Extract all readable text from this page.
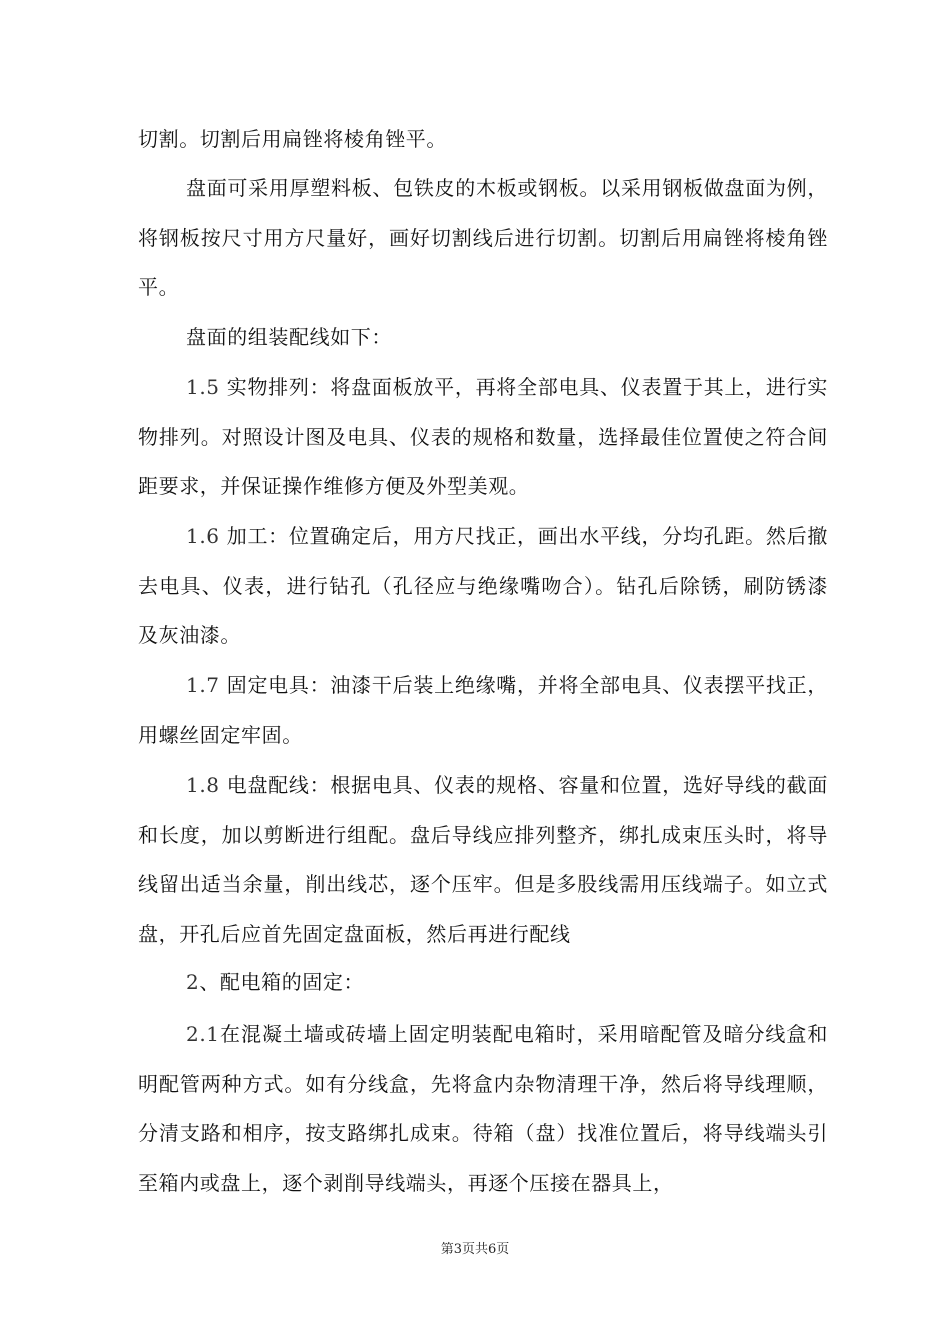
切割。切割后用扁锉将棱角锉平。

盘面可采用厚塑料板、包铁皮的木板或钢板。以采用钢板做盘面为例，将钢板按尺寸用方尺量好，画好切割线后进行切割。切割后用扁锉将棱角锉平。

盘面的组装配线如下：

1.5 实物排列：将盘面板放平，再将全部电具、仪表置于其上，进行实物排列。对照设计图及电具、仪表的规格和数量，选择最佳位置使之符合间距要求，并保证操作维修方便及外型美观。

1.6 加工：位置确定后，用方尺找正，画出水平线，分均孔距。然后撤去电具、仪表，进行钻孔（孔径应与绝缘嘴吻合）。钻孔后除锈，刷防锈漆及灰油漆。

1.7 固定电具：油漆干后装上绝缘嘴，并将全部电具、仪表摆平找正，用螺丝固定牢固。

1.8 电盘配线：根据电具、仪表的规格、容量和位置，选好导线的截面和长度，加以剪断进行组配。盘后导线应排列整齐，绑扎成束压头时，将导线留出适当余量，削出线芯，逐个压牢。但是多股线需用压线端子。如立式盘，开孔后应首先固定盘面板，然后再进行配线

2、配电箱的固定：

2.1在混凝土墙或砖墙上固定明装配电箱时，采用暗配管及暗分线盒和明配管两种方式。如有分线盒，先将盒内杂物清理干净，然后将导线理顺，分清支路和相序，按支路绑扎成束。待箱（盘）找准位置后，将导线端头引至箱内或盘上，逐个剥削导线端头，再逐个压接在器具上，

第3页共6页
